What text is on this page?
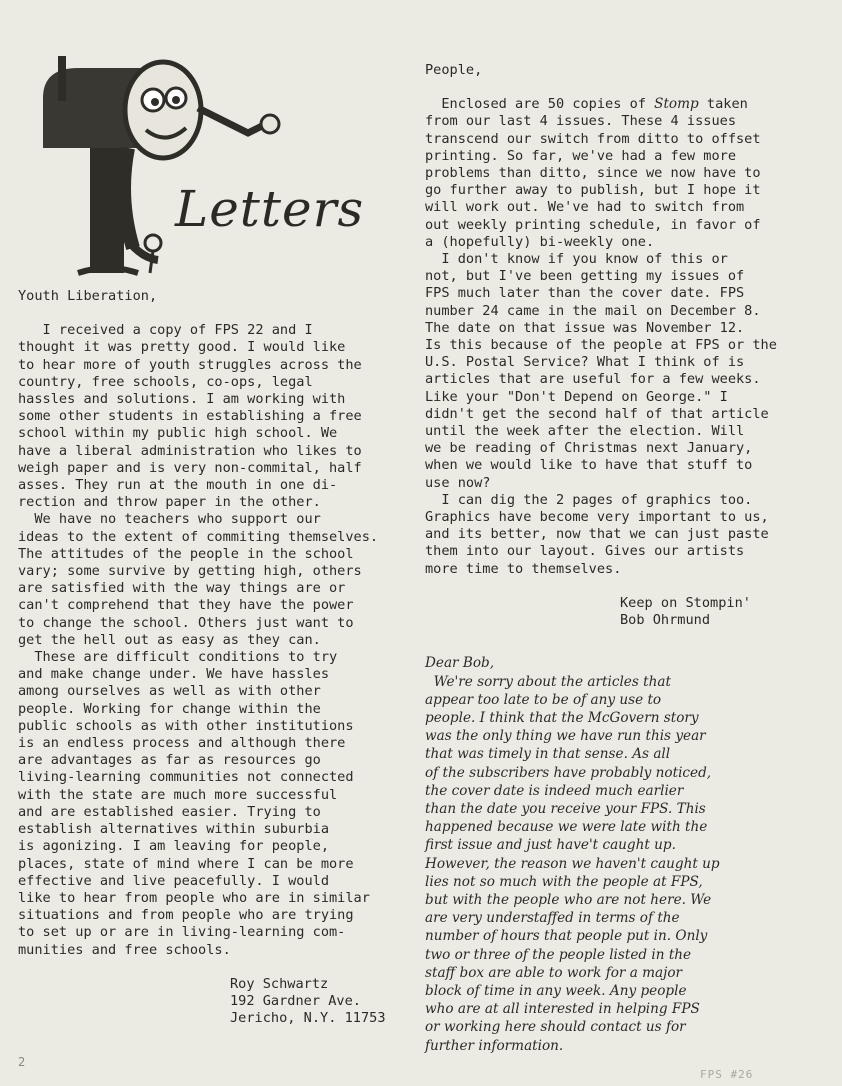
Letters
Youth Liberation,
I received a copy of FPS 22 and I
thought it was pretty good. I would like
to hear more of youth struggles across the
country, free schools, co-ops, legal
hassles and solutions. I am working with
some other students in establishing a free
school within my public high school. We
have a liberal administration who likes to
weigh paper and is very non-commital, half
asses. They run at the mouth in one di-
rection and throw paper in the other.
We have no teachers who support our
ideas to the extent of commiting themselves.
The attitudes of the people in the school
vary; some survive by getting high, others
are satisfied with the way things are or
can't comprehend that they have the power
to change the school. Others just want to
get the hell out as easy as they can.
These are difficult conditions to try
and make change under. We have hassles
among ourselves as well as with other
people. Working for change within the
public schools as with other institutions
is an endless process and although there
are advantages as far as resources go
living-learning communities not connected
with the state are much more successful
and are established easier. Trying to
establish alternatives within suburbia
is agonizing. I am leaving for people,
places, state of mind where I can be more
effective and live peacefully. I would
like to hear from people who are in similar
situations and from people who are trying
to set up or are in living-learning com-
munities and free schools.
Roy Schwartz
192 Gardner Ave.
Jericho, N.Y. 11753
People,
Enclosed are 50 copies of Stomp taken
from our last 4 issues. These 4 issues
transcend our switch from ditto to offset
printing. So far, we've had a few more
problems than ditto, since we now have to
go further away to publish, but I hope it
will work out. We've had to switch from
out weekly printing schedule, in favor of
a (hopefully) bi-weekly one.
I don't know if you know of this or
not, but I've been getting my issues of
FPS much later than the cover date. FPS
number 24 came in the mail on December 8.
The date on that issue was November 12.
Is this because of the people at FPS or the
U.S. Postal Service? What I think of is
articles that are useful for a few weeks.
Like your "Don't Depend on George." I
didn't get the second half of that article
until the week after the election. Will
we be reading of Christmas next January,
when we would like to have that stuff to
use now?
I can dig the 2 pages of graphics too.
Graphics have become very important to us,
and its better, now that we can just paste
them into our layout. Gives our artists
more time to themselves.
Keep on Stompin'
Bob Ohrmund
Dear Bob,
We're sorry about the articles that
appear too late to be of any use to
people. I think that the McGovern story
was the only thing we have run this year
that was timely in that sense. As all
of the subscribers have probably noticed,
the cover date is indeed much earlier
than the date you receive your FPS. This
happened because we were late with the
first issue and just have't caught up.
However, the reason we haven't caught up
lies not so much with the people at FPS,
but with the people who are not here. We
are very understaffed in terms of the
number of hours that people put in. Only
two or three of the people listed in the
staff box are able to work for a major
block of time in any week. Any people
who are at all interested in helping FPS
or working here should contact us for
further information.
2
FPS #26
